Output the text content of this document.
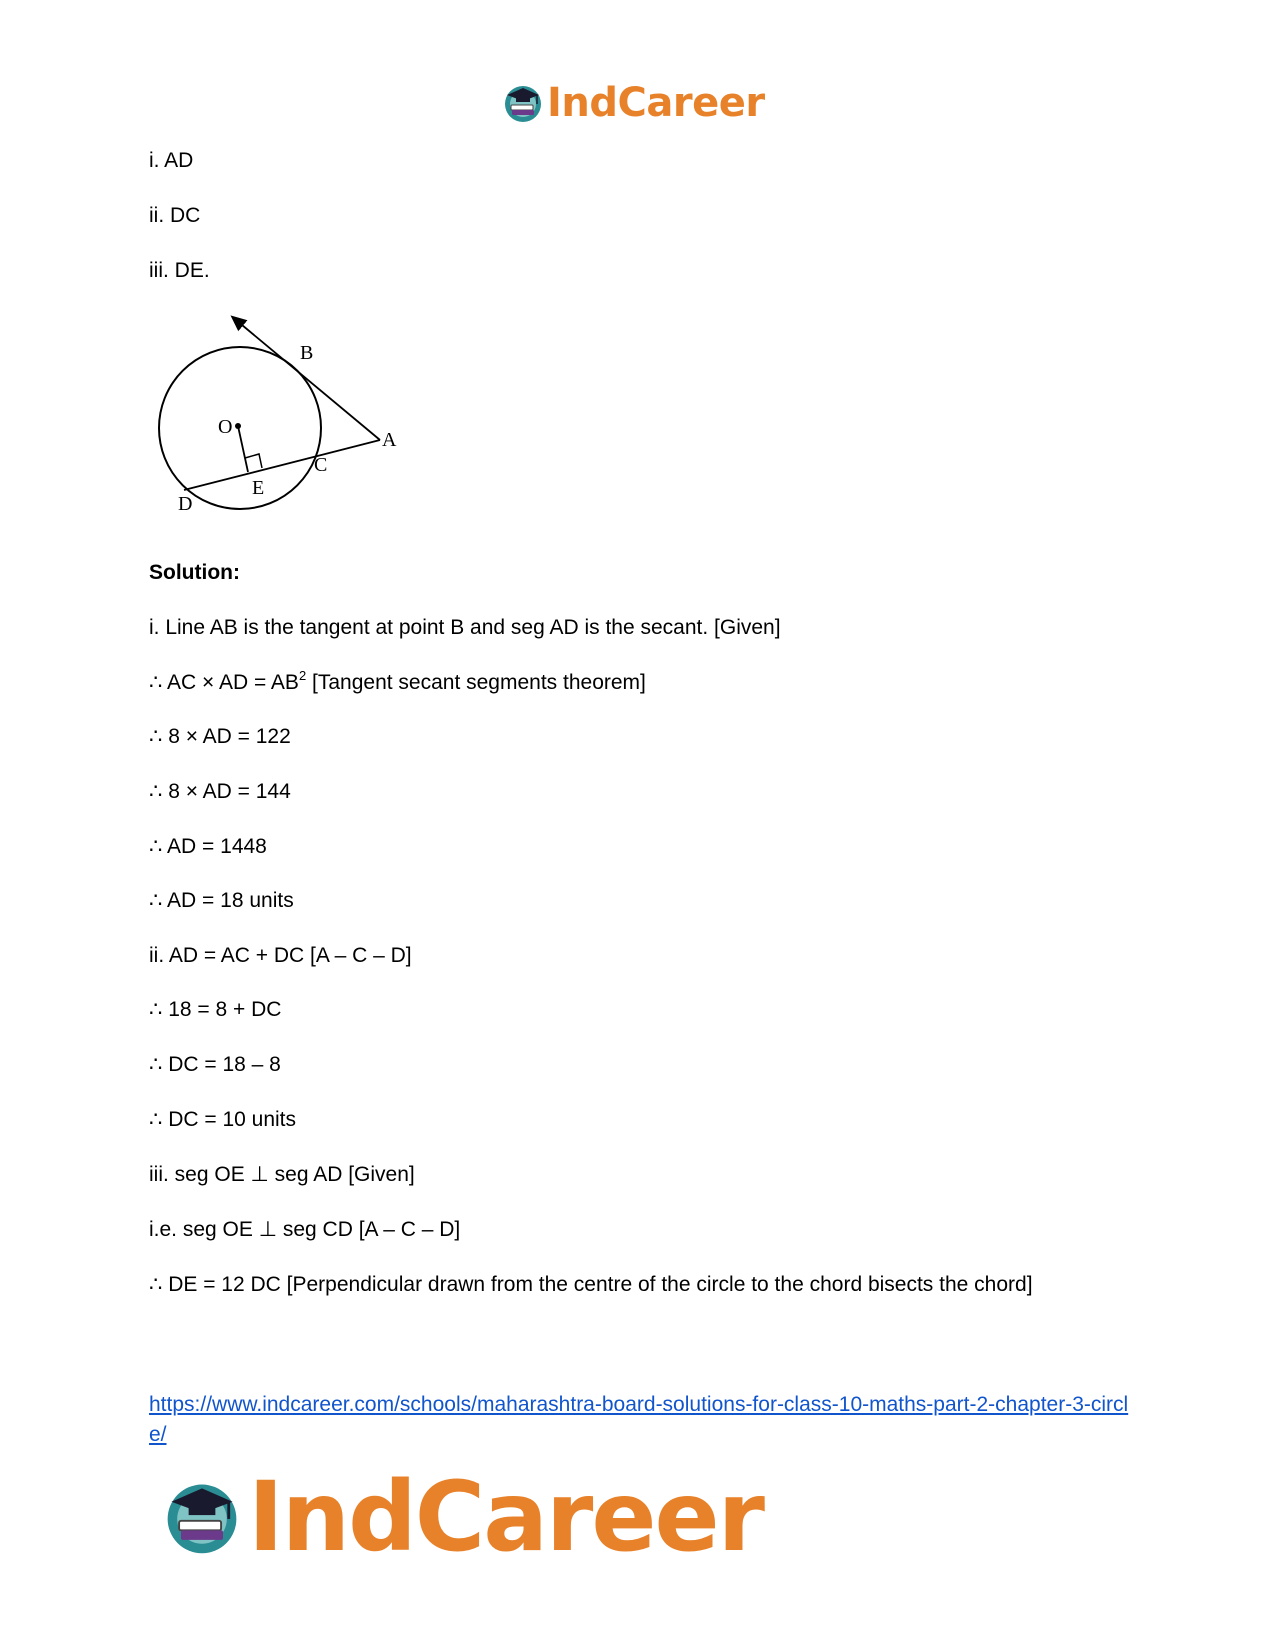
IndCareer
i. AD
ii. DC
iii. DE.
O
B
A
C
E
D
Solution:
i. Line AB is the tangent at point B and seg AD is the secant. [Given]
∴ AC × AD = $AB^2$ [Tangent secant segments theorem]
∴ 8 × AD = 122
∴ 8 × AD = 144
∴ AD = 1448
∴ AD = 18 units
ii. AD = AC + DC [A – C – D]
∴ 18 = 8 + DC
∴ DC = 18 – 8
∴ DC = 10 units
iii. seg OE ⊥ seg AD [Given]
i.e. seg OE ⊥ seg CD [A – C – D]
∴ DE = 12 DC [Perpendicular drawn from the centre of the circle to the chord bisects the chord]
https://www.indcareer.com/schools/maharashtra-board-solutions-for-class-10-maths-part-2-chapter-3-circle/
IndCareer
